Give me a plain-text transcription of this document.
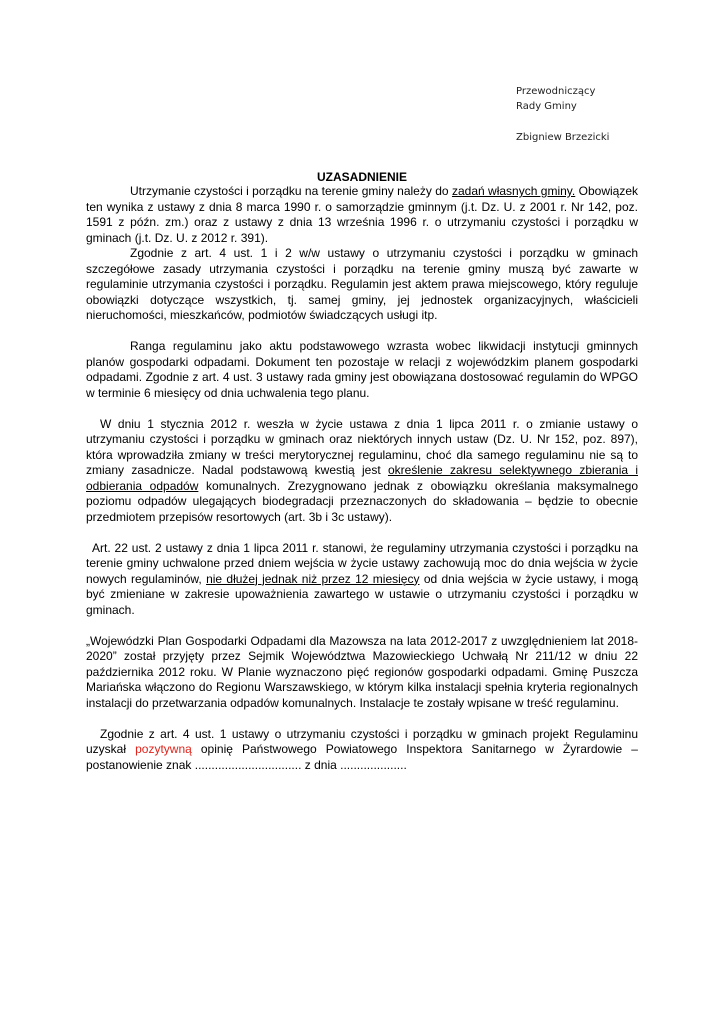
Przewodniczący
Rady Gminy
Zbigniew Brzezicki
UZASADNIENIE

Utrzymanie czystości i porządku na terenie gminy należy do zadań własnych gminy. Obowiązek ten wynika z ustawy z dnia 8 marca 1990 r. o samorządzie gminnym (j.t. Dz. U. z 2001 r. Nr 142, poz. 1591 z późn. zm.) oraz z ustawy z dnia 13 września 1996 r. o utrzymaniu czystości i porządku w gminach (j.t. Dz. U. z 2012 r. 391).

Zgodnie z art. 4 ust. 1 i 2 w/w ustawy o utrzymaniu czystości i porządku w gminach szczegółowe zasady utrzymania czystości i porządku na terenie gminy muszą być zawarte w regulaminie utrzymania czystości i porządku. Regulamin jest aktem prawa miejscowego, który reguluje obowiązki dotyczące wszystkich, tj. samej gminy, jej jednostek organizacyjnych, właścicieli nieruchomości, mieszkańców, podmiotów świadczących usługi itp.

Ranga regulaminu jako aktu podstawowego wzrasta wobec likwidacji instytucji gminnych planów gospodarki odpadami. Dokument ten pozostaje w relacji z wojewódzkim planem gospodarki odpadami. Zgodnie z art. 4 ust. 3 ustawy rada gminy jest obowiązana dostosować regulamin do WPGO w terminie 6 miesięcy od dnia uchwalenia tego planu.

W dniu 1 stycznia 2012 r. weszła w życie ustawa z dnia 1 lipca 2011 r. o zmianie ustawy o utrzymaniu czystości i porządku w gminach oraz niektórych innych ustaw (Dz. U. Nr 152, poz. 897), która wprowadziła zmiany w treści merytorycznej regulaminu, choć dla samego regulaminu nie są to zmiany zasadnicze. Nadal podstawową kwestią jest określenie zakresu selektywnego zbierania i odbierania odpadów komunalnych. Zrezygnowano jednak z obowiązku określania maksymalnego poziomu odpadów ulegających biodegradacji przeznaczonych do składowania – będzie to obecnie przedmiotem przepisów resortowych (art. 3b i 3c ustawy).

Art. 22 ust. 2 ustawy z dnia 1 lipca 2011 r. stanowi, że regulaminy utrzymania czystości i porządku na terenie gminy uchwalone przed dniem wejścia w życie ustawy zachowują moc do dnia wejścia w życie nowych regulaminów, nie dłużej jednak niż przez 12 miesięcy od dnia wejścia w życie ustawy, i mogą być zmieniane w zakresie upoważnienia zawartego w ustawie o utrzymaniu czystości i porządku w gminach.

„Wojewódzki Plan Gospodarki Odpadami dla Mazowsza na lata 2012-2017 z uwzględnieniem lat 2018-2020” został przyjęty przez Sejmik Województwa Mazowieckiego Uchwałą Nr 211/12 w dniu 22 października 2012 roku. W Planie wyznaczono pięć regionów gospodarki odpadami. Gminę Puszcza Mariańska włączono do Regionu Warszawskiego, w którym kilka instalacji spełnia kryteria regionalnych instalacji do przetwarzania odpadów komunalnych. Instalacje te zostały wpisane w treść regulaminu.

Zgodnie z art. 4 ust. 1 ustawy o utrzymaniu czystości i porządku w gminach projekt Regulaminu uzyskał pozytywną opinię Państwowego Powiatowego Inspektora Sanitarnego w Żyrardowie – postanowienie znak ................................ z dnia ....................
